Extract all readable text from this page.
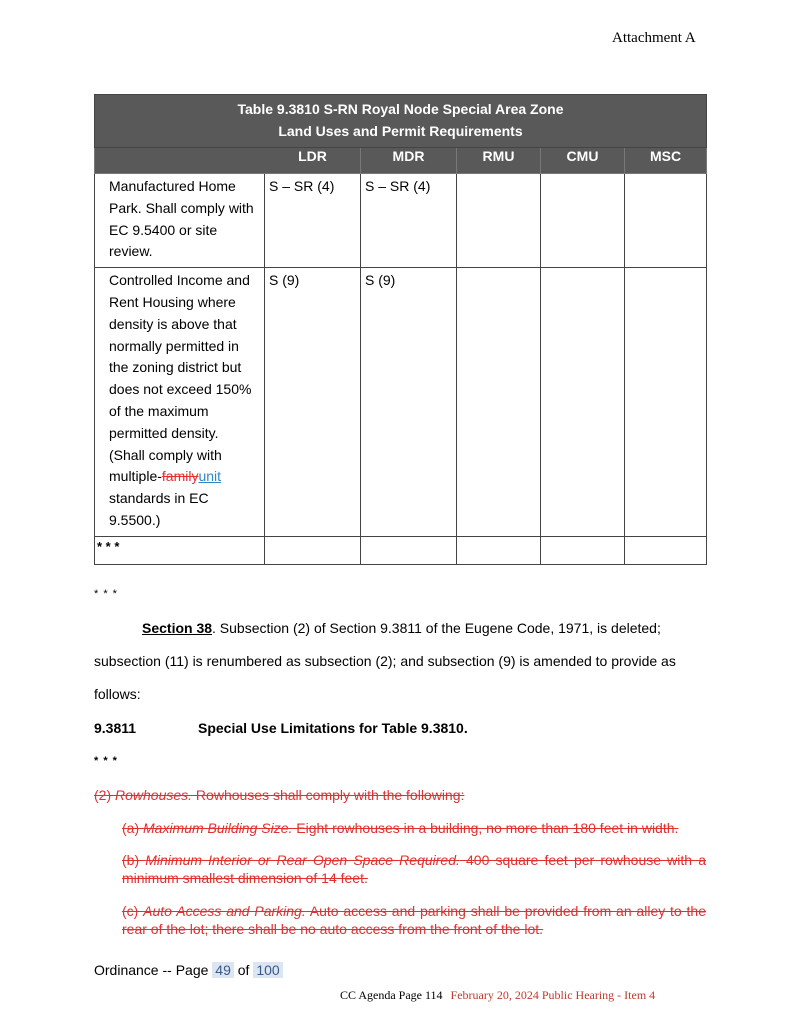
Attachment A
Table 9.3810 S-RN Royal Node Special Area Zone
Land Uses and Permit Requirements					

	LDR	MDR	RMU	CMU	MSC
Manufactured Home Park. Shall comply with EC 9.5400 or site review.	S – SR (4)	S – SR (4)			
Controlled Income and Rent Housing where density is above that normally permitted in the zoning district but does not exceed 150% of the maximum permitted density. (Shall comply with multiple-familyunit standards in EC 9.5500.)	S (9)	S (9)			
* * *					
* * *
Section 38. Subsection (2) of Section 9.3811 of the Eugene Code, 1971, is deleted;
subsection (11) is renumbered as subsection (2); and subsection (9) is amended to provide as
follows:
9.3811	Special Use Limitations for Table 9.3810.
* * *
(2) Rowhouses. Rowhouses shall comply with the following:
(a) Maximum Building Size. Eight rowhouses in a building, no more than 180 feet in width.
(b) Minimum Interior or Rear Open Space Required. 400 square feet per rowhouse with a minimum smallest dimension of 14 feet.
(c) Auto Access and Parking. Auto access and parking shall be provided from an alley to the rear of the lot; there shall be no auto access from the front of the lot.
Ordinance -- Page 49 of 100
CC Agenda Page 114 February 20, 2024 Public Hearing - Item 4
